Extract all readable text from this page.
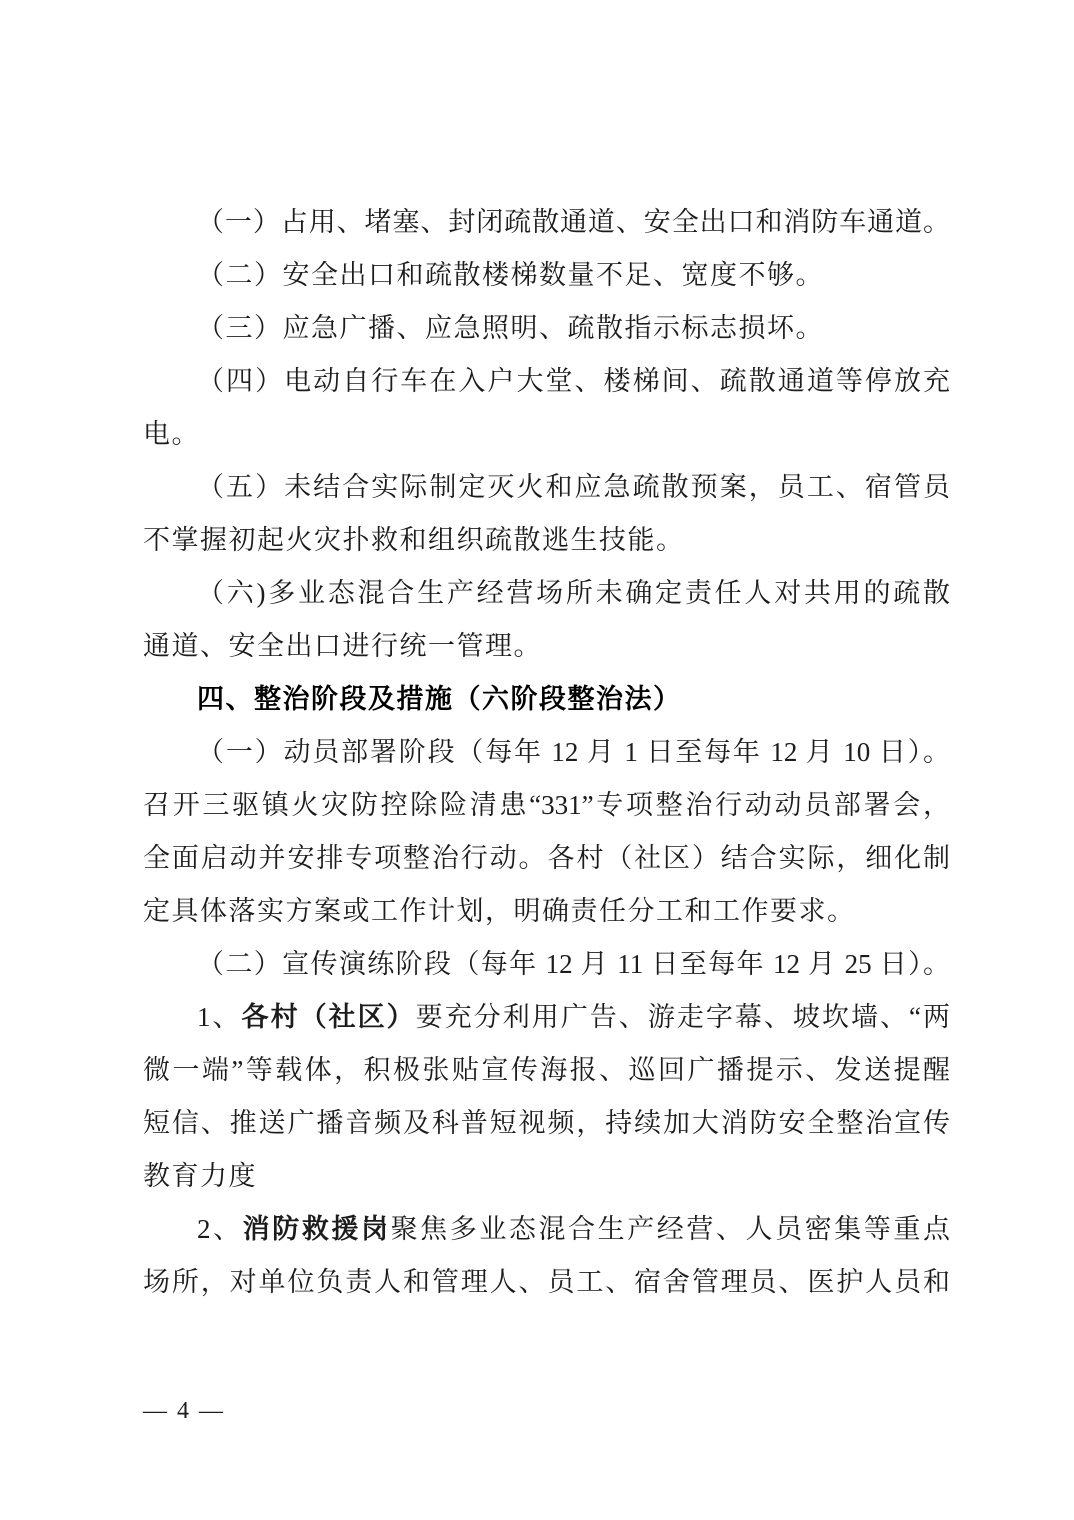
（一）占用、堵塞、封闭疏散通道、安全出口和消防车通道。
（二）安全出口和疏散楼梯数量不足、宽度不够。
（三）应急广播、应急照明、疏散指示标志损坏。
（四）电动自行车在入户大堂、楼梯间、疏散通道等停放充
电。
（五）未结合实际制定灭火和应急疏散预案，员工、宿管员
不掌握初起火灾扑救和组织疏散逃生技能。
（六)多业态混合生产经营场所未确定责任人对共用的疏散
通道、安全出口进行统一管理。
四、整治阶段及措施（六阶段整治法）
（一）动员部署阶段（每年 12 月 1 日至每年 12 月 10 日）。
召开三驱镇火灾防控除险清患“331”专项整治行动动员部署会，
全面启动并安排专项整治行动。各村（社区）结合实际，细化制
定具体落实方案或工作计划，明确责任分工和工作要求。
（二）宣传演练阶段（每年 12 月 11 日至每年 12 月 25 日）。
1、各村（社区）要充分利用广告、游走字幕、坡坎墙、“两
微一端”等载体，积极张贴宣传海报、巡回广播提示、发送提醒
短信、推送广播音频及科普短视频，持续加大消防安全整治宣传
教育力度
2、消防救援岗聚焦多业态混合生产经营、人员密集等重点
场所，对单位负责人和管理人、员工、宿舍管理员、医护人员和
— 4 —
